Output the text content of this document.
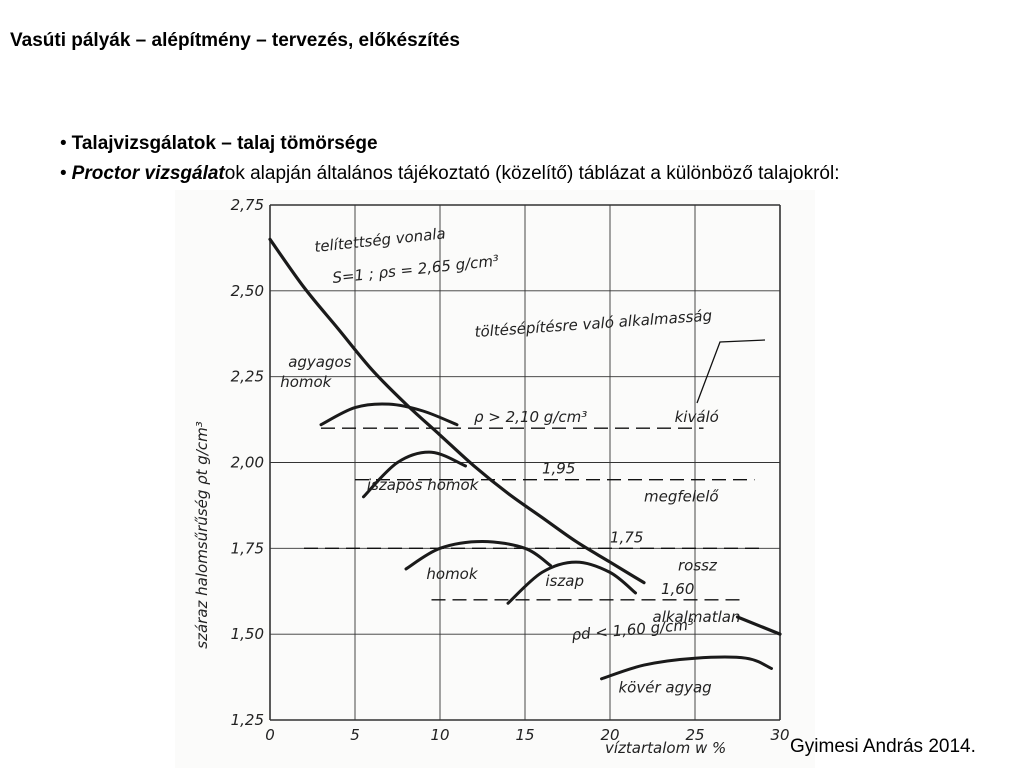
Vasúti pályák – alépítmény – tervezés, előkészítés
• Talajvizsgálatok – talaj tömörsége
• Proctor vizsgálatok alapján általános tájékoztató (közelítő) táblázat a különböző talajokról:
0	5	10	15	20	25	30
1,25
1,50
1,75
2,00
2,25
2,50
2,75
ρ > 2,10 g/cm³	kiváló
1,95
megfelelő
1,75
rossz
1,60
alkalmatlan
agyagos
homok
iszapos homok
homok	iszap
kövér agyag
telítettség vonala
S=1 ; ρs = 2,65 g/cm³
töltésépítésre való alkalmasság
ρd < 1,60 g/cm³
száraz halomsűrűség ρt g/cm³
víztartalom w %	Gyimesi András 2014.
